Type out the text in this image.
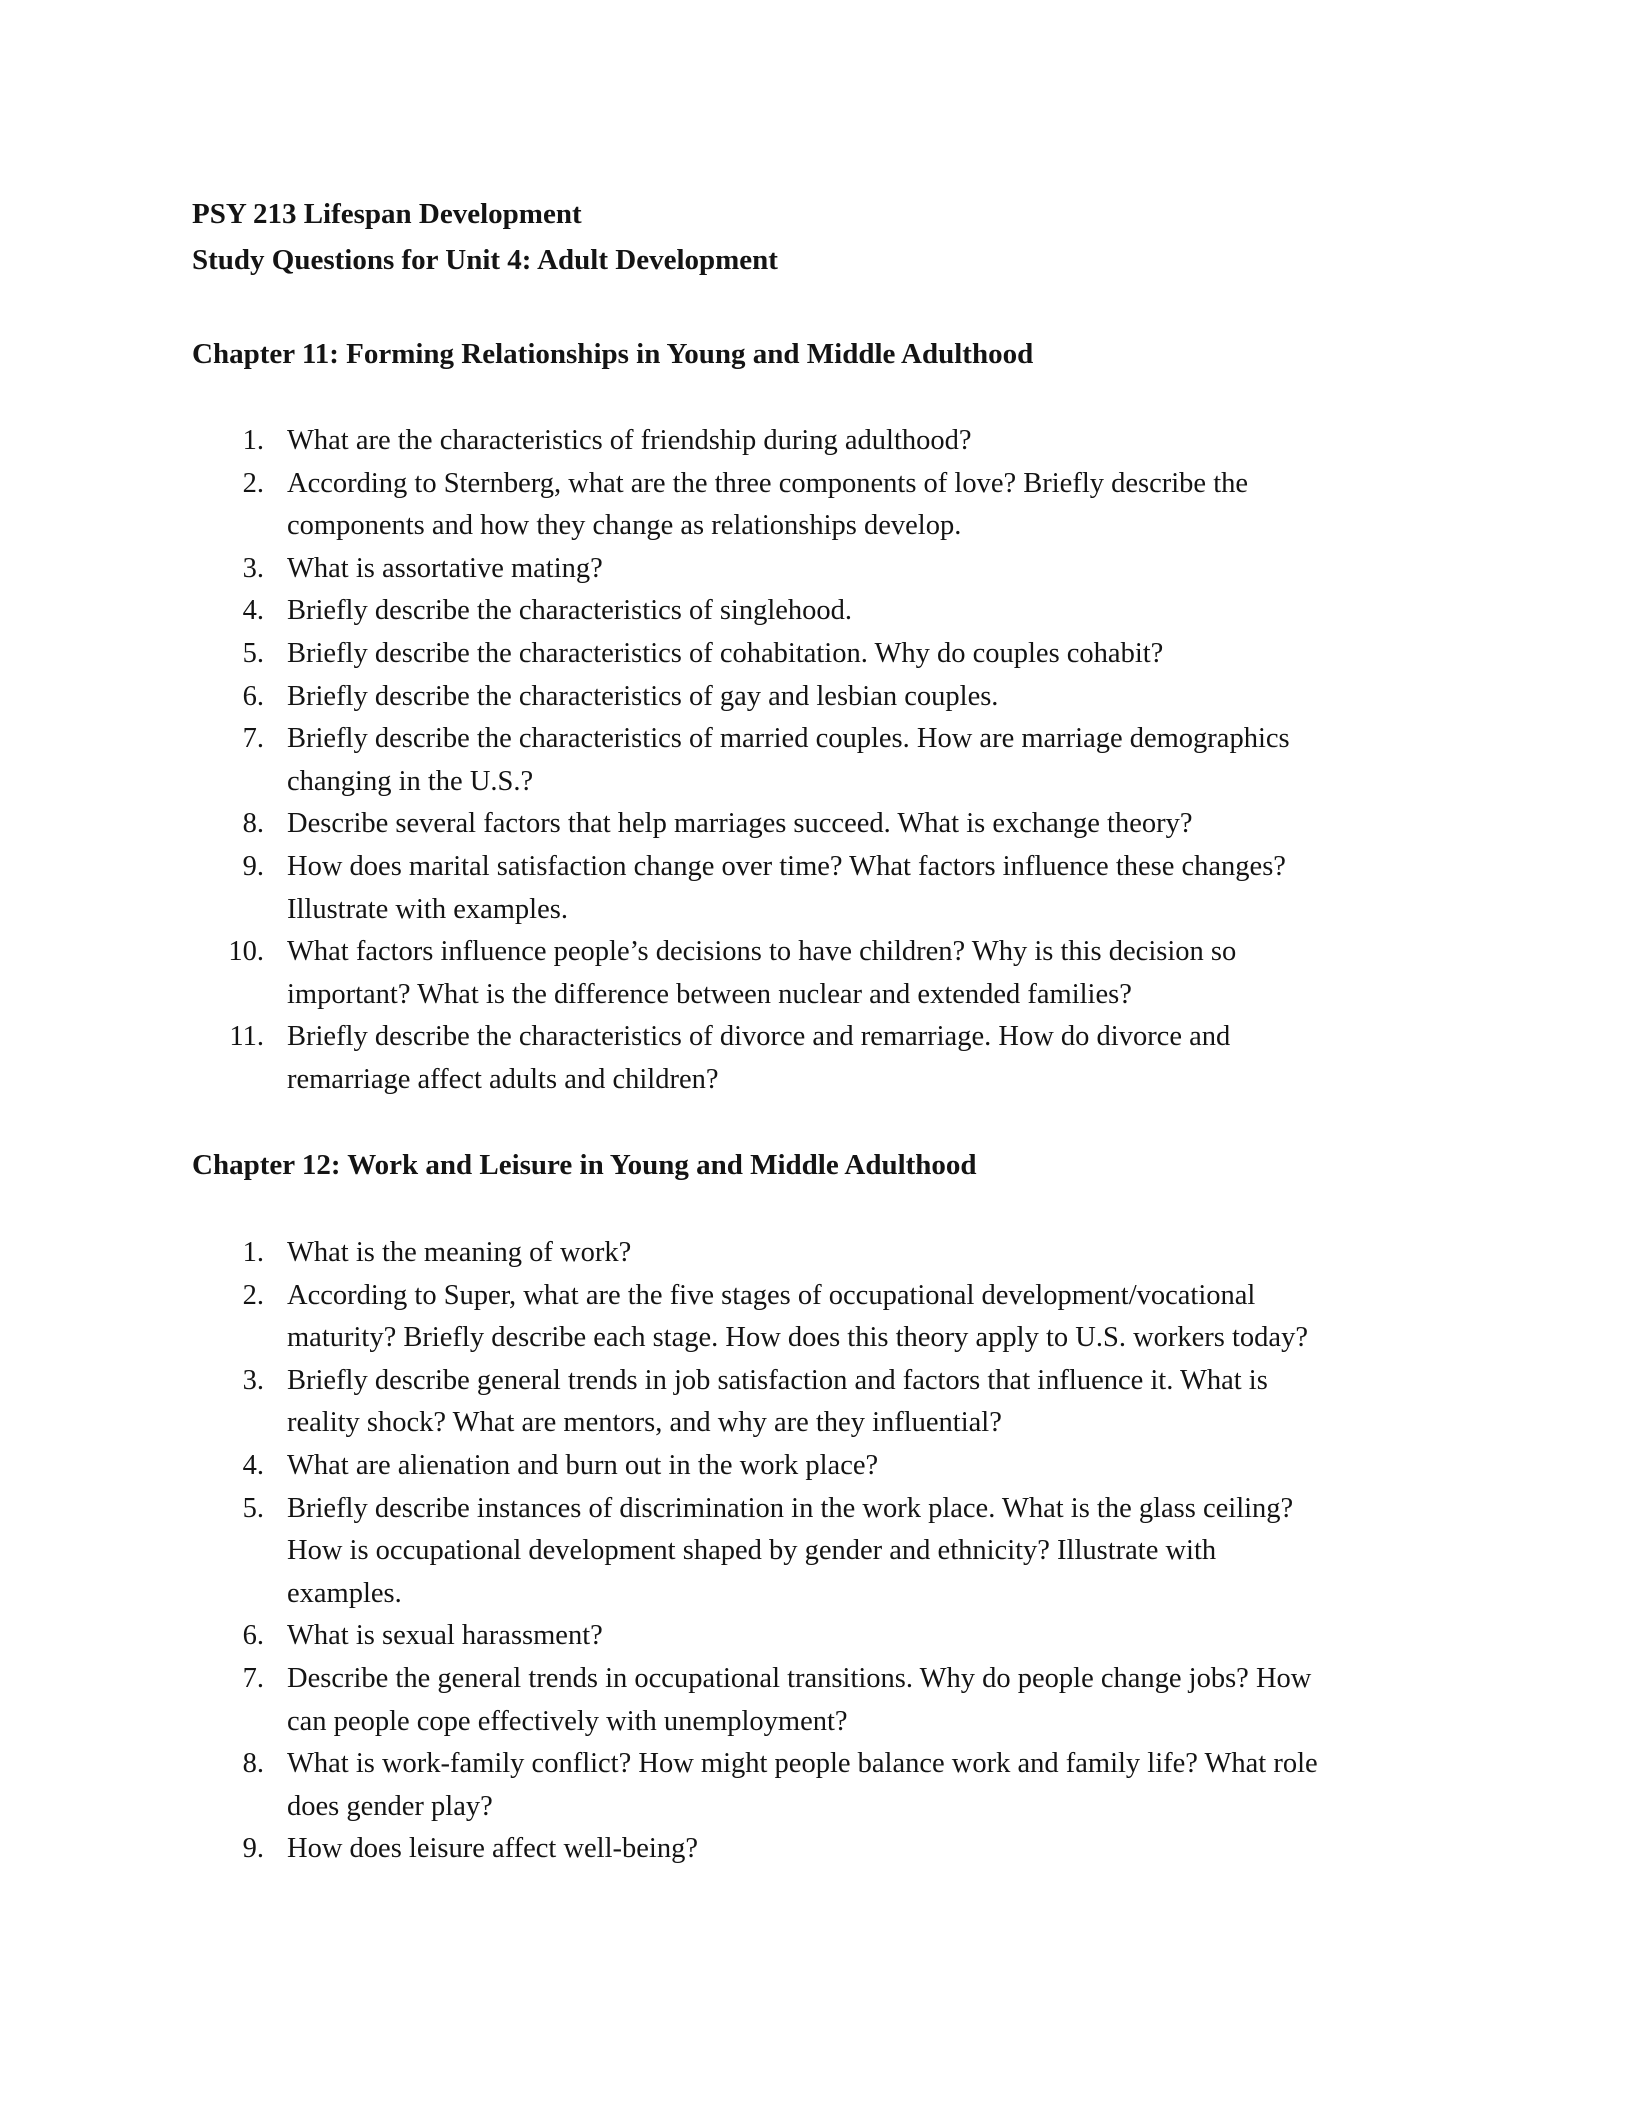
PSY 213 Lifespan Development
Study Questions for Unit 4: Adult Development
Chapter 11: Forming Relationships in Young and Middle Adulthood
1. What are the characteristics of friendship during adulthood?
2. According to Sternberg, what are the three components of love? Briefly describe the
components and how they change as relationships develop.
3. What is assortative mating?
4. Briefly describe the characteristics of singlehood.
5. Briefly describe the characteristics of cohabitation. Why do couples cohabit?
6. Briefly describe the characteristics of gay and lesbian couples.
7. Briefly describe the characteristics of married couples. How are marriage demographics
changing in the U.S.?
8. Describe several factors that help marriages succeed. What is exchange theory?
9. How does marital satisfaction change over time? What factors influence these changes?
Illustrate with examples.
10. What factors influence people’s decisions to have children? Why is this decision so
important? What is the difference between nuclear and extended families?
11. Briefly describe the characteristics of divorce and remarriage. How do divorce and
remarriage affect adults and children?
Chapter 12: Work and Leisure in Young and Middle Adulthood
1. What is the meaning of work?
2. According to Super, what are the five stages of occupational development/vocational
maturity? Briefly describe each stage. How does this theory apply to U.S. workers today?
3. Briefly describe general trends in job satisfaction and factors that influence it. What is
reality shock? What are mentors, and why are they influential?
4. What are alienation and burn out in the work place?
5. Briefly describe instances of discrimination in the work place. What is the glass ceiling?
How is occupational development shaped by gender and ethnicity? Illustrate with
examples.
6. What is sexual harassment?
7. Describe the general trends in occupational transitions. Why do people change jobs? How
can people cope effectively with unemployment?
8. What is work-family conflict? How might people balance work and family life? What role
does gender play?
9. How does leisure affect well-being?
